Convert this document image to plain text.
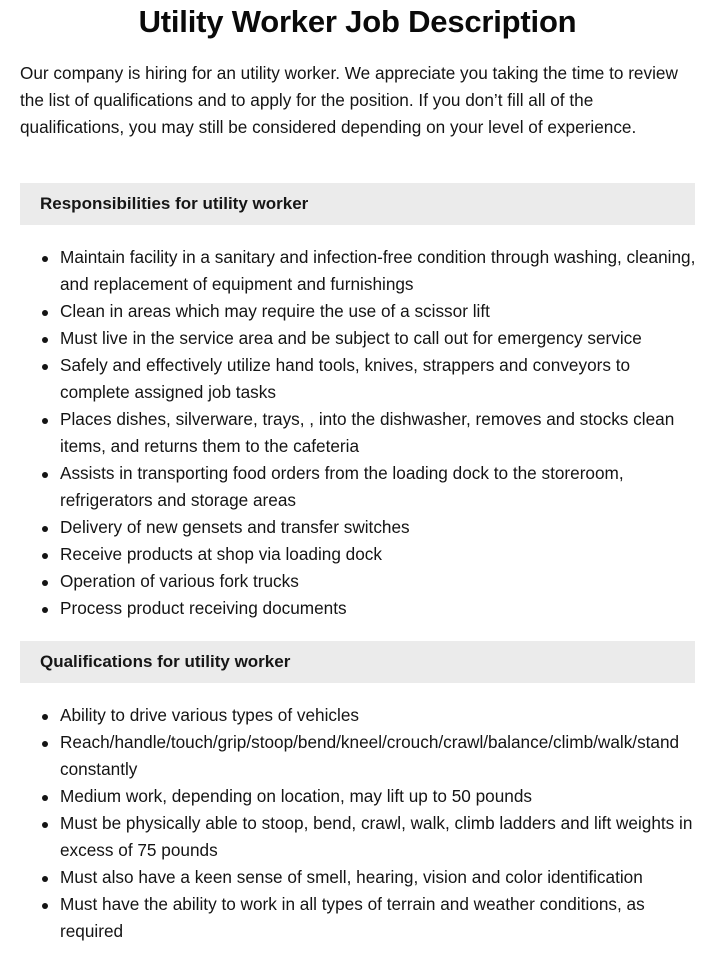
Utility Worker Job Description

Our company is hiring for an utility worker. We appreciate you taking the time to review the list of qualifications and to apply for the position. If you don’t fill all of the qualifications, you may still be considered depending on your level of experience.

Responsibilities for utility worker
Maintain facility in a sanitary and infection-free condition through washing, cleaning, and replacement of equipment and furnishings
Clean in areas which may require the use of a scissor lift
Must live in the service area and be subject to call out for emergency service
Safely and effectively utilize hand tools, knives, strappers and conveyors to complete assigned job tasks
Places dishes, silverware, trays, , into the dishwasher, removes and stocks clean items, and returns them to the cafeteria
Assists in transporting food orders from the loading dock to the storeroom, refrigerators and storage areas
Delivery of new gensets and transfer switches
Receive products at shop via loading dock
Operation of various fork trucks
Process product receiving documents
Qualifications for utility worker
Ability to drive various types of vehicles
Reach/handle/touch/grip/stoop/bend/kneel/crouch/crawl/balance/climb/walk/stand constantly
Medium work, depending on location, may lift up to 50 pounds
Must be physically able to stoop, bend, crawl, walk, climb ladders and lift weights in excess of 75 pounds
Must also have a keen sense of smell, hearing, vision and color identification
Must have the ability to work in all types of terrain and weather conditions, as required
